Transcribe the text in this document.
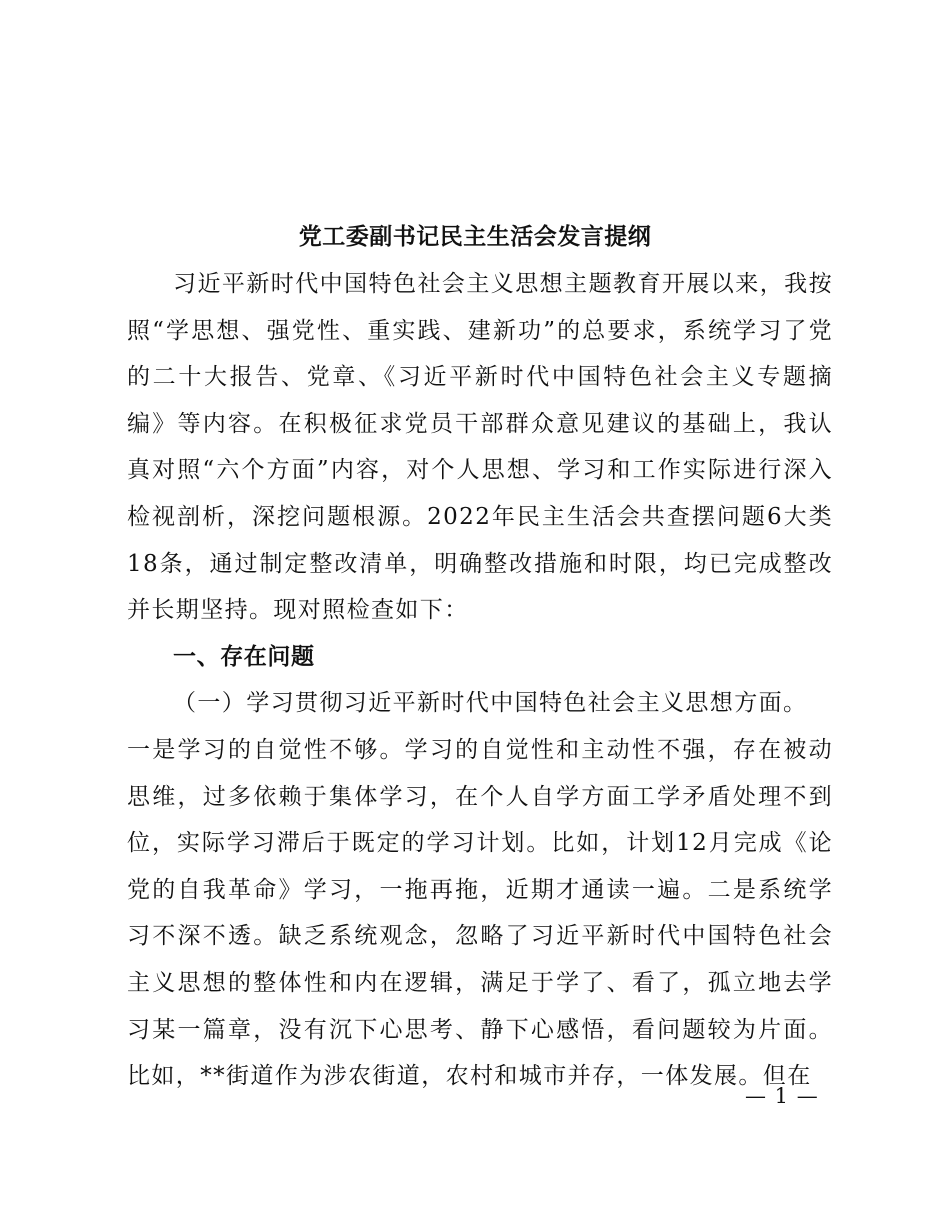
党工委副书记民主生活会发言提纲

习近平新时代中国特色社会主义思想主题教育开展以来，我按照“学思想、强党性、重实践、建新功”的总要求，系统学习了党的二十大报告、党章、《习近平新时代中国特色社会主义专题摘编》等内容。在积极征求党员干部群众意见建议的基础上，我认真对照“六个方面”内容，对个人思想、学习和工作实际进行深入检视剖析，深挖问题根源。2022年民主生活会共查摆问题6大类18条，通过制定整改清单，明确整改措施和时限，均已完成整改并长期坚持。现对照检查如下：

一、存在问题

（一）学习贯彻习近平新时代中国特色社会主义思想方面。

一是学习的自觉性不够。学习的自觉性和主动性不强，存在被动思维，过多依赖于集体学习，在个人自学方面工学矛盾处理不到位，实际学习滞后于既定的学习计划。比如，计划12月完成《论党的自我革命》学习，一拖再拖，近期才通读一遍。二是系统学习不深不透。缺乏系统观念，忽略了习近平新时代中国特色社会主义思想的整体性和内在逻辑，满足于学了、看了，孤立地去学习某一篇章，没有沉下心思考、静下心感悟，看问题较为片面。比如，**街道作为涉农街道，农村和城市并存，一体发展。但在

— 1 —
